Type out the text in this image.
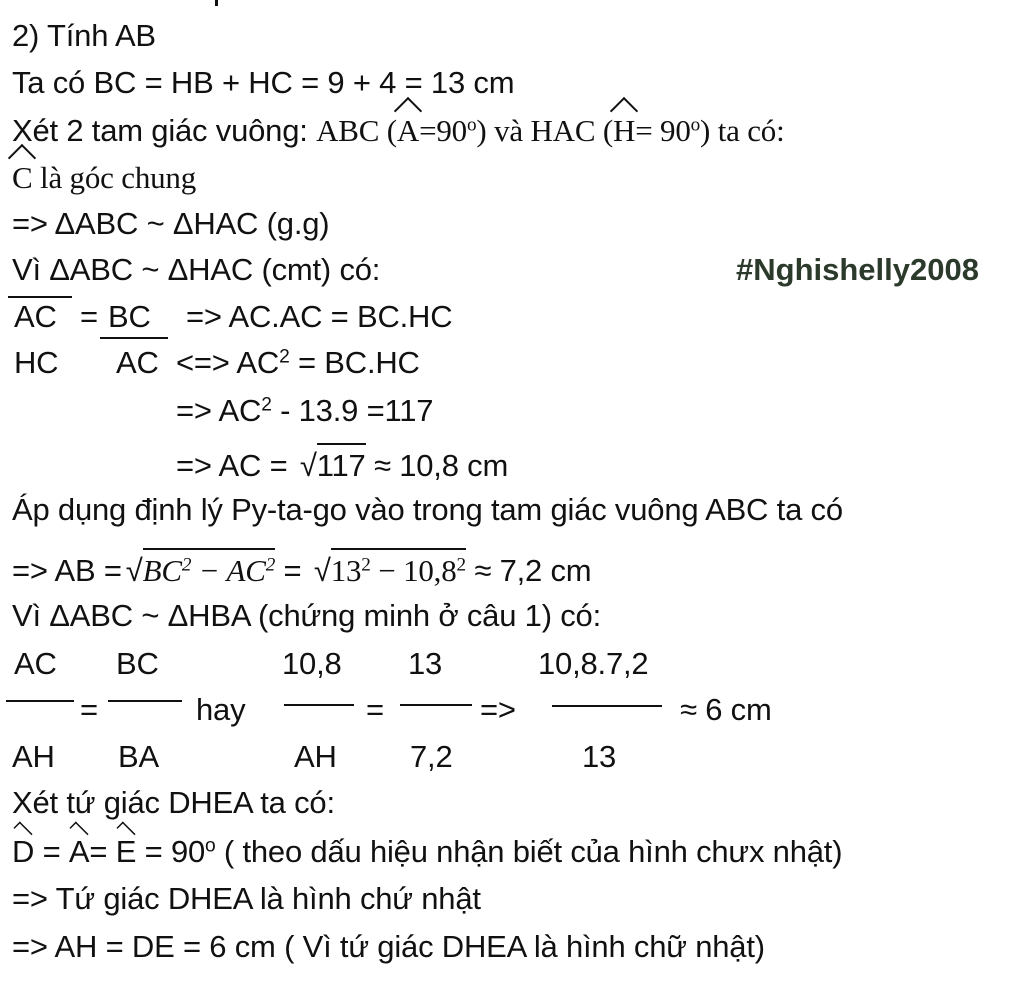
2) Tính AB
Ta có BC = HB + HC = 9 + 4 = 13 cm
Xét 2 tam giác vuông: ABC $(A=90^o)$ và HAC $(H= 90^o)$ ta có:
C là góc chung
=> ΔABC ~ ΔHAC (g.g)
Vì ΔABC ~ ΔHAC (cmt) có:	#Nghishelly2008
AC = BC => AC.AC = BC.HC
HC AC <=> $AC^2 = BC.HC$
=> $AC^2 - 13.9 =117$
=> AC = √117 ≈ 10,8 cm
Áp dụng định lý Py-ta-go vào trong tam giác vuông ABC ta có
=> AB = $√BC^2 - AC^2 = √13^2 - 10,8^2 \approx 7,2$ cm
Vì ΔABC ~ ΔHBA (chứng minh ở câu 1) có:
AC BC	10,8 13	10,8.7,2
=	hay	=	=>	≈ 6 cm
AH BA	AH 7,2	13
Xét tứ giác DHEA ta có:
$D = A= E = 90^o$ ( theo dấu hiệu nhận biết của hình chưx nhật)
=> Tứ giác DHEA là hình chứ nhật
=> AH = DE = 6 cm ( Vì tứ giác DHEA là hình chữ nhật)
